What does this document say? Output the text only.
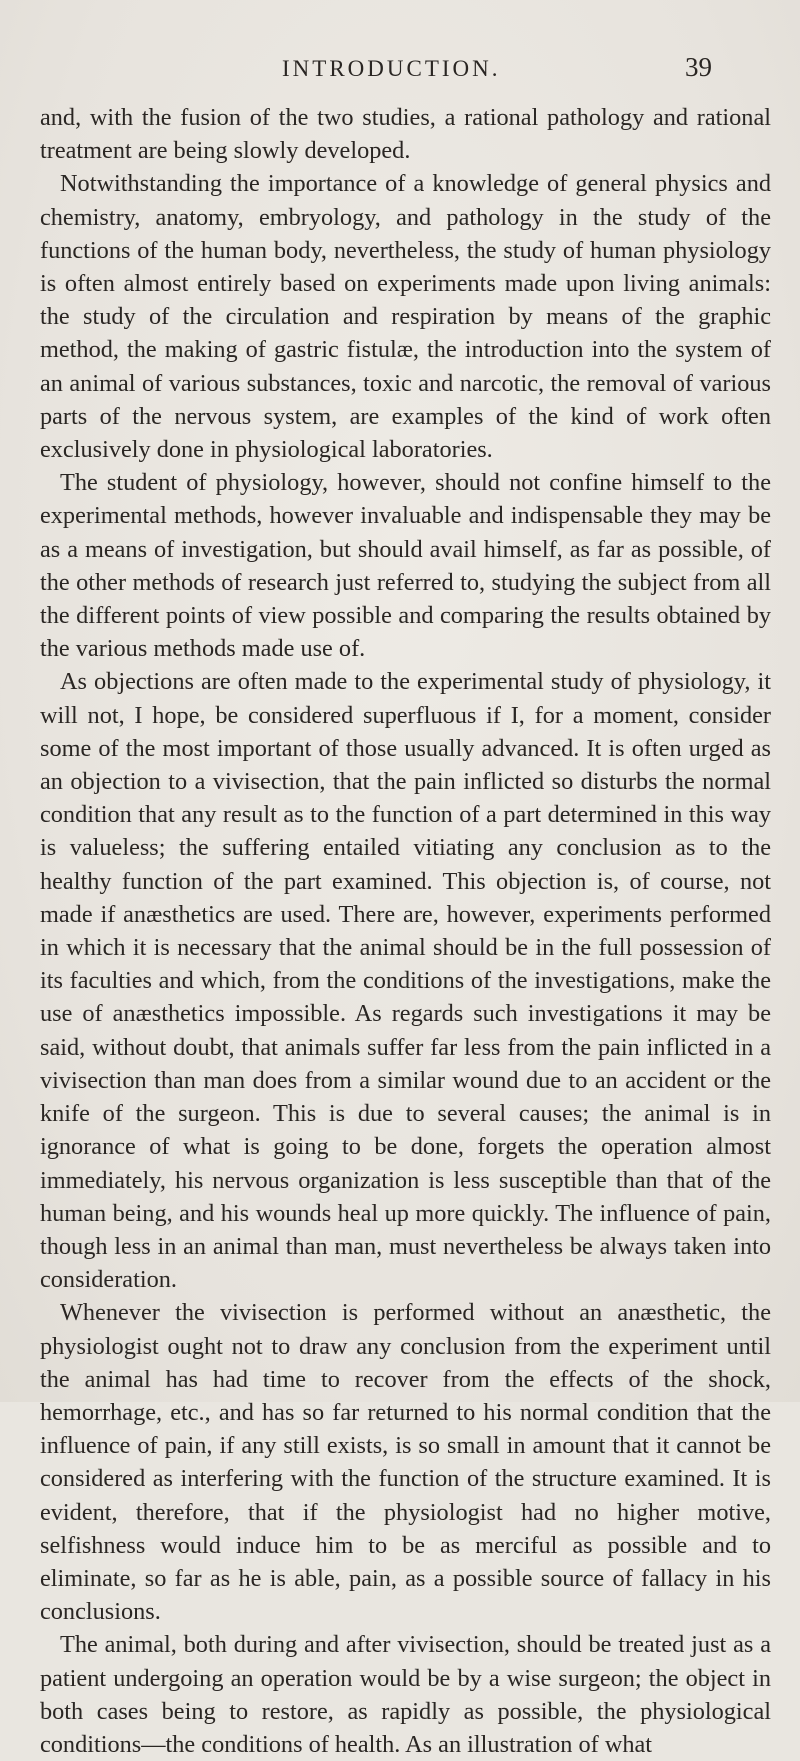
INTRODUCTION.	39

and, with the fusion of the two studies, a rational pathology and rational treatment are being slowly developed.

Notwithstanding the importance of a knowledge of general physics and chemistry, anatomy, embryology, and pathology in the study of the functions of the human body, nevertheless, the study of human physiology is often almost entirely based on experiments made upon living animals: the study of the circulation and respiration by means of the graphic method, the making of gastric fistulæ, the introduction into the system of an animal of various substances, toxic and narcotic, the removal of various parts of the nervous system, are examples of the kind of work often exclusively done in physiological laboratories.

The student of physiology, however, should not confine himself to the experimental methods, however invaluable and indispensable they may be as a means of investigation, but should avail himself, as far as possible, of the other methods of research just referred to, studying the subject from all the different points of view possible and comparing the results obtained by the various methods made use of.

As objections are often made to the experimental study of physiology, it will not, I hope, be considered superfluous if I, for a moment, consider some of the most important of those usually advanced. It is often urged as an objection to a vivisection, that the pain inflicted so disturbs the normal condition that any result as to the function of a part determined in this way is valueless; the suffering entailed vitiating any conclusion as to the healthy function of the part examined. This objection is, of course, not made if anæsthetics are used. There are, however, experiments performed in which it is necessary that the animal should be in the full possession of its faculties and which, from the conditions of the investigations, make the use of anæsthetics impossible. As regards such investigations it may be said, without doubt, that animals suffer far less from the pain inflicted in a vivisection than man does from a similar wound due to an accident or the knife of the surgeon. This is due to several causes; the animal is in ignorance of what is going to be done, forgets the operation almost immediately, his nervous organization is less susceptible than that of the human being, and his wounds heal up more quickly. The influence of pain, though less in an animal than man, must nevertheless be always taken into consideration.

Whenever the vivisection is performed without an anæsthetic, the physiologist ought not to draw any conclusion from the experiment until the animal has had time to recover from the effects of the shock, hemorrhage, etc., and has so far returned to his normal condition that the influence of pain, if any still exists, is so small in amount that it cannot be considered as interfering with the function of the structure examined. It is evident, therefore, that if the physiologist had no higher motive, selfishness would induce him to be as merciful as possible and to eliminate, so far as he is able, pain, as a possible source of fallacy in his conclusions.

The animal, both during and after vivisection, should be treated just as a patient undergoing an operation would be by a wise surgeon; the object in both cases being to restore, as rapidly as possible, the physiological conditions—the conditions of health. As an illustration of what
